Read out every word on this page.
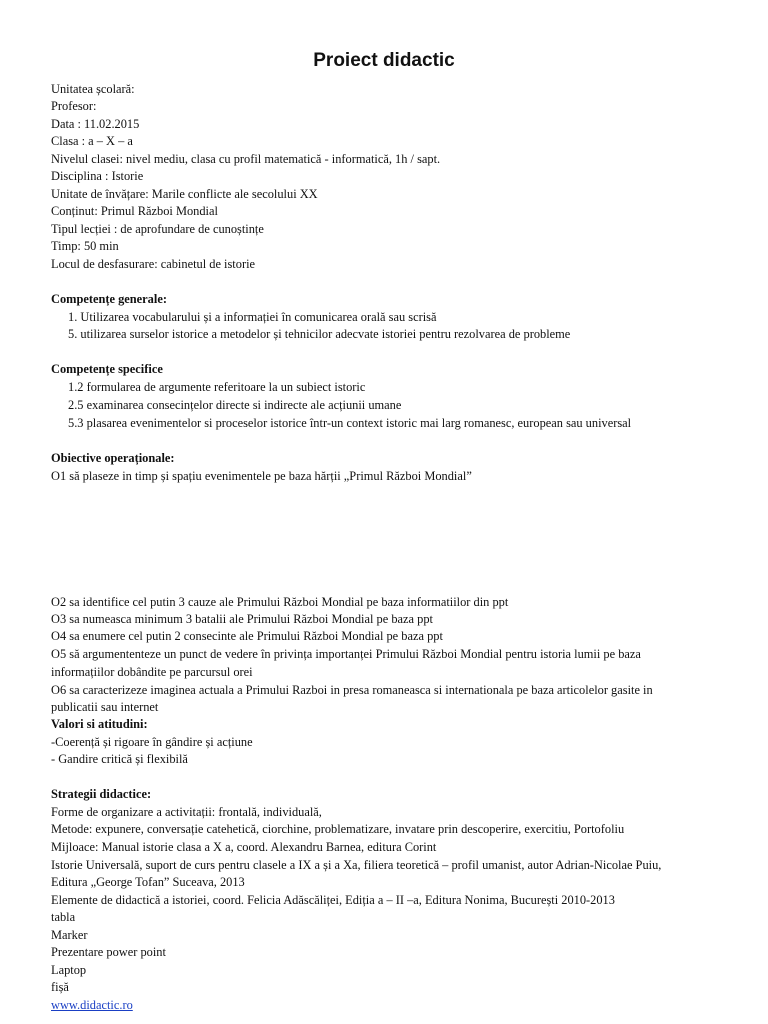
Proiect didactic
Unitatea școlară:
Profesor:
Data : 11.02.2015
Clasa : a – X – a
Nivelul clasei: nivel mediu, clasa cu profil matematică - informatică, 1h / sapt.
Disciplina : Istorie
Unitate de învățare: Marile conflicte ale secolului XX
Conținut: Primul Război Mondial
Tipul lecției : de aprofundare de cunoștințe
Timp: 50 min
Locul de desfasurare: cabinetul de istorie
Competențe generale:
1. Utilizarea vocabularului și a informației în comunicarea orală sau scrisă
5. utilizarea surselor istorice a metodelor și tehnicilor adecvate istoriei pentru rezolvarea de probleme
Competențe specifice
1.2 formularea de argumente referitoare la un subiect istoric
2.5 examinarea consecințelor directe si indirecte ale acțiunii umane
5.3 plasarea evenimentelor si proceselor istorice într-un context istoric mai larg romanesc, european sau universal
Obiective operaționale:
O1 să plaseze in timp și spațiu evenimentele pe baza hărții „Primul Război Mondial”
O2 sa identifice cel putin 3 cauze ale Primului Război Mondial pe baza informatiilor din ppt
O3 sa numeasca minimum 3 batalii ale Primului Război Mondial pe baza ppt
O4 sa enumere cel putin 2 consecinte ale Primului Război Mondial pe baza ppt
O5 să argumententeze un punct de vedere în privința importanței Primului Război Mondial pentru istoria lumii pe baza
informațiilor dobândite pe parcursul orei
O6 sa caracterizeze imaginea actuala a Primului Razboi in presa romaneasca si internationala pe baza articolelor gasite in
publicatii sau internet
Valori si atitudini:
-Coerență și rigoare în gândire și acțiune
- Gandire critică și flexibilă
Strategii didactice:
Forme de organizare a activitații: frontală, individuală,
Metode: expunere, conversație catehetică, ciorchine, problematizare, invatare prin descoperire, exercitiu, Portofoliu
Mijloace: Manual istorie clasa a X a, coord. Alexandru Barnea, editura Corint
Istorie Universală, suport de curs pentru clasele a IX a și a Xa, filiera teoretică – profil umanist, autor Adrian-Nicolae Puiu,
Editura „George Tofan” Suceava, 2013
Elemente de didactică a istoriei, coord. Felicia Adăscăliței, Ediția a – II –a, Editura Nonima, București 2010-2013
tabla
Marker
Prezentare power point
Laptop
fișă
www.didactic.ro
